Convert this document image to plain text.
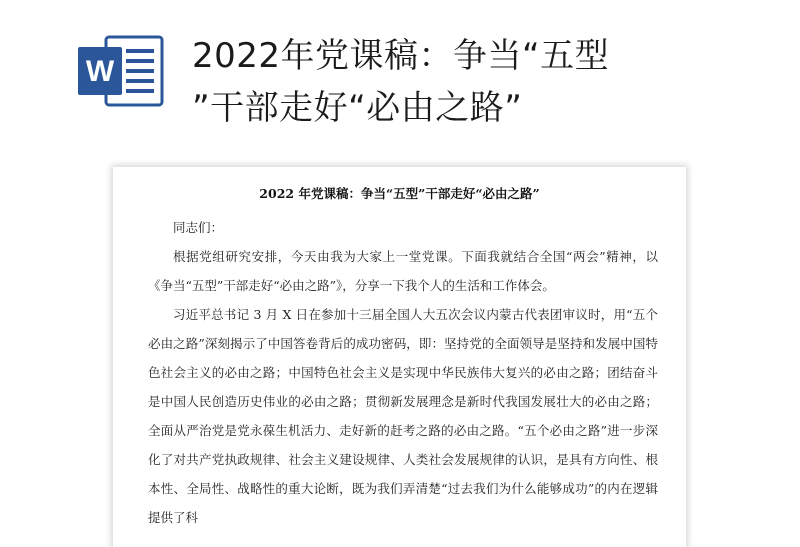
W 2022年党课稿：争当“五型
”干部走好“必由之路”
2022 年党课稿：争当“五型”干部走好“必由之路”

同志们：

根据党组研究安排，今天由我为大家上一堂党课。下面我就结合全国“两会”精神，以《争当“五型”干部走好“必由之路”》，分享一下我个人的生活和工作体会。

习近平总书记 3 月 X 日在参加十三届全国人大五次会议内蒙古代表团审议时，用“五个必由之路”深刻揭示了中国答卷背后的成功密码，即：坚持党的全面领导是坚持和发展中国特色社会主义的必由之路；中国特色社会主义是实现中华民族伟大复兴的必由之路；团结奋斗是中国人民创造历史伟业的必由之路；贯彻新发展理念是新时代我国发展壮大的必由之路；全面从严治党是党永葆生机活力、走好新的赶考之路的必由之路。“五个必由之路”进一步深化了对共产党执政规律、社会主义建设规律、人类社会发展规律的认识，是具有方向性、根本性、全局性、战略性的重大论断，既为我们弄清楚“过去我们为什么能够成功”的内在逻辑提供了科
